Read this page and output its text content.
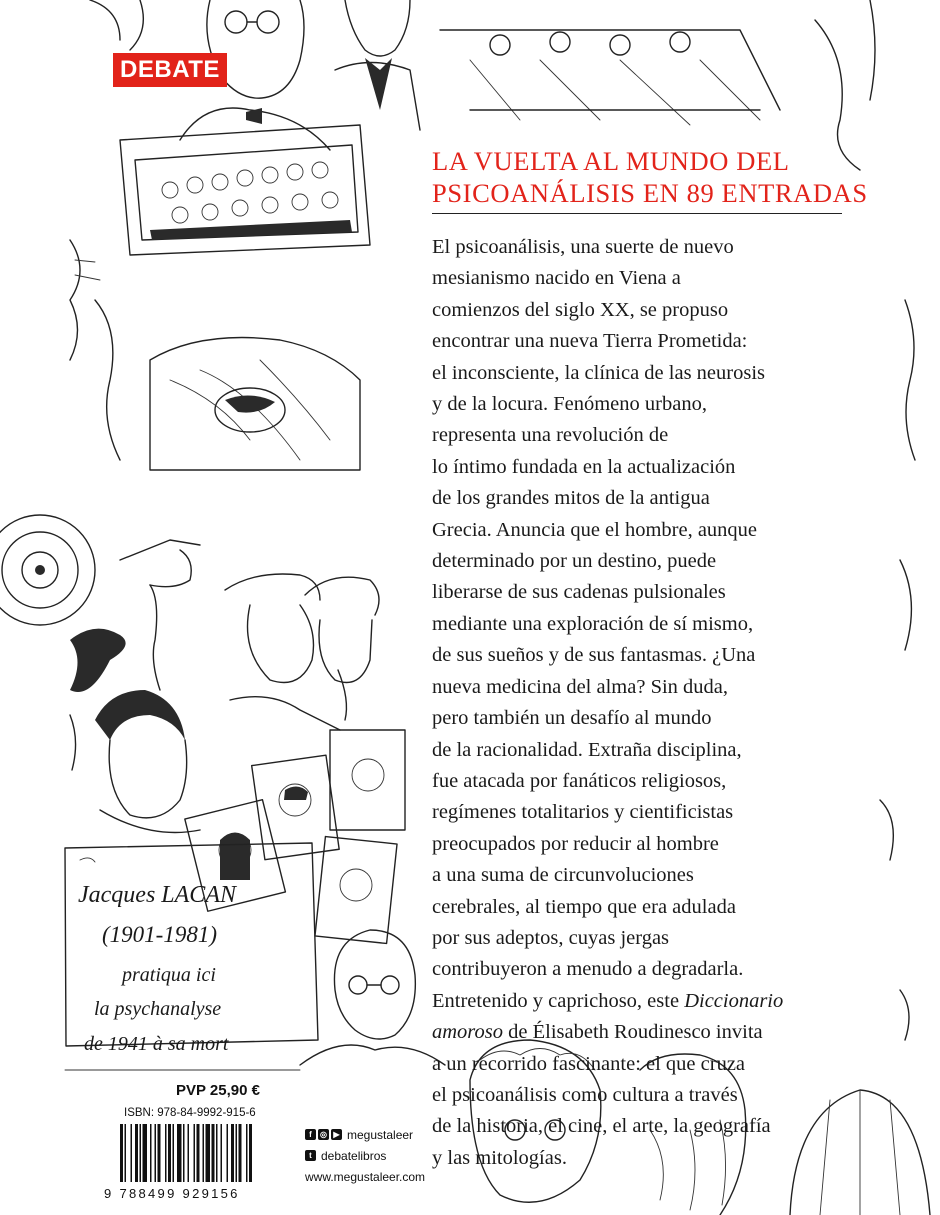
DEBATE
LA VUELTA AL MUNDO DEL
PSICOANÁLISIS EN 89 ENTRADAS
El psicoanálisis, una suerte de nuevo
mesianismo nacido en Viena a
comienzos del siglo XX, se propuso
encontrar una nueva Tierra Prometida:
el inconsciente, la clínica de las neurosis
y de la locura. Fenómeno urbano,
representa una revolución de
lo íntimo fundada en la actualización
de los grandes mitos de la antigua
Grecia. Anuncia que el hombre, aunque
determinado por un destino, puede
liberarse de sus cadenas pulsionales
mediante una exploración de sí mismo,
de sus sueños y de sus fantasmas. ¿Una
nueva medicina del alma? Sin duda,
pero también un desafío al mundo
de la racionalidad. Extraña disciplina,
fue atacada por fanáticos religiosos,
regímenes totalitarios y cientificistas
preocupados por reducir al hombre
a una suma de circunvoluciones
cerebrales, al tiempo que era adulada
por sus adeptos, cuyas jergas
contribuyeron a menudo a degradarla.
Entretenido y caprichoso, este Diccionario
amoroso de Élisabeth Roudinesco invita
a un recorrido fascinante: el que cruza
el psicoanálisis como cultura a través
de la historia, el cine, el arte, la geografía
y las mitologías.
Jacques LACAN
(1901-1981)
pratiqua ici
la psychanalyse
de 1941 à sa mort
PVP 25,90 €
ISBN: 978-84-9992-915-6
9 788499 929156
f	◎ ▶ megustaleer
t debatelibros
www.megustaleer.com
